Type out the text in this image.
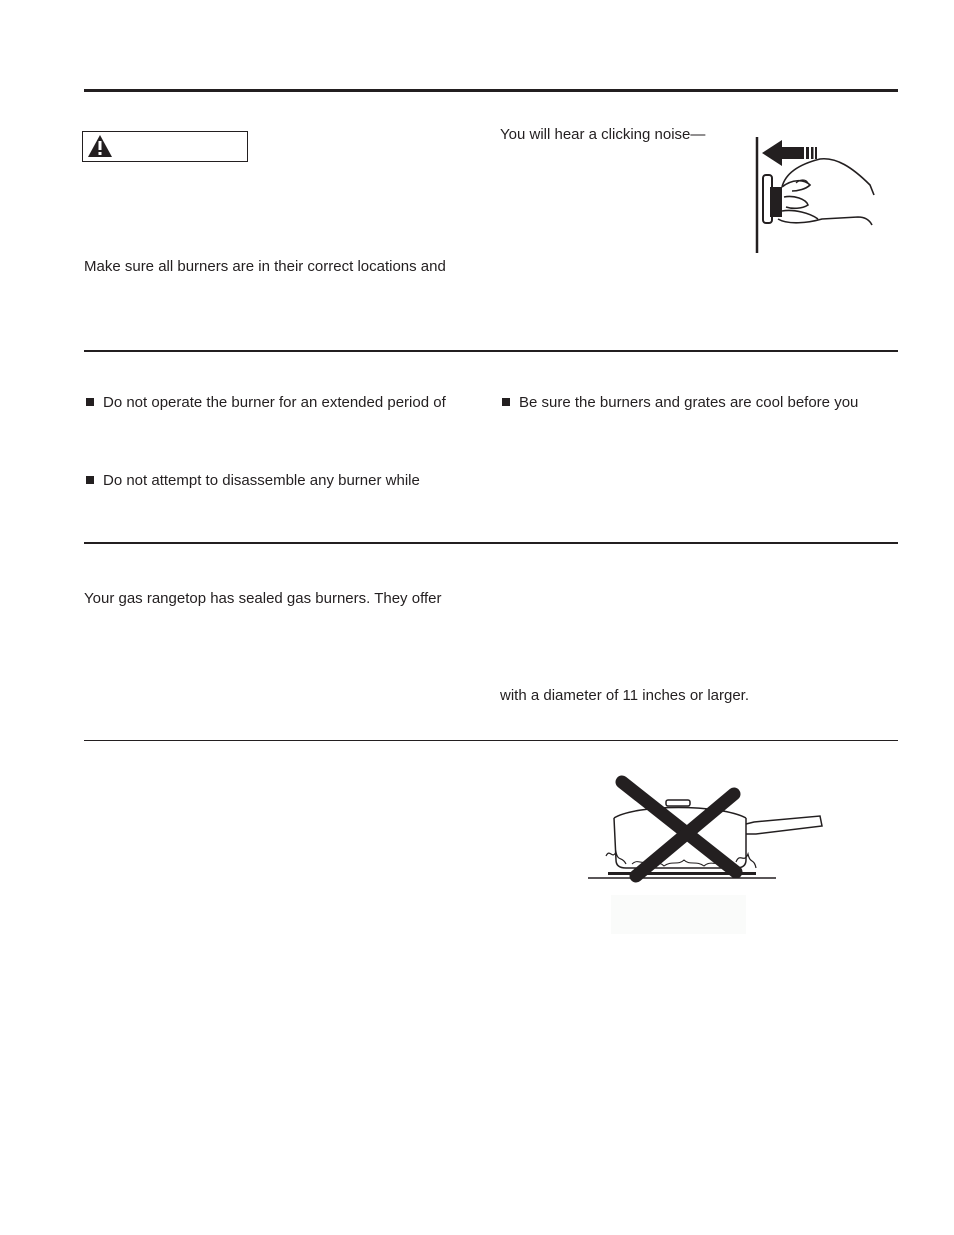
Make sure all burners are in their correct locations and
Do not operate the burner for an extended period of
Do not attempt to disassemble any burner while
Your gas rangetop has sealed gas burners. They offer
You will hear a clicking noise—
Be sure the burners and grates are cool before you
with a diameter of 11 inches or larger.
